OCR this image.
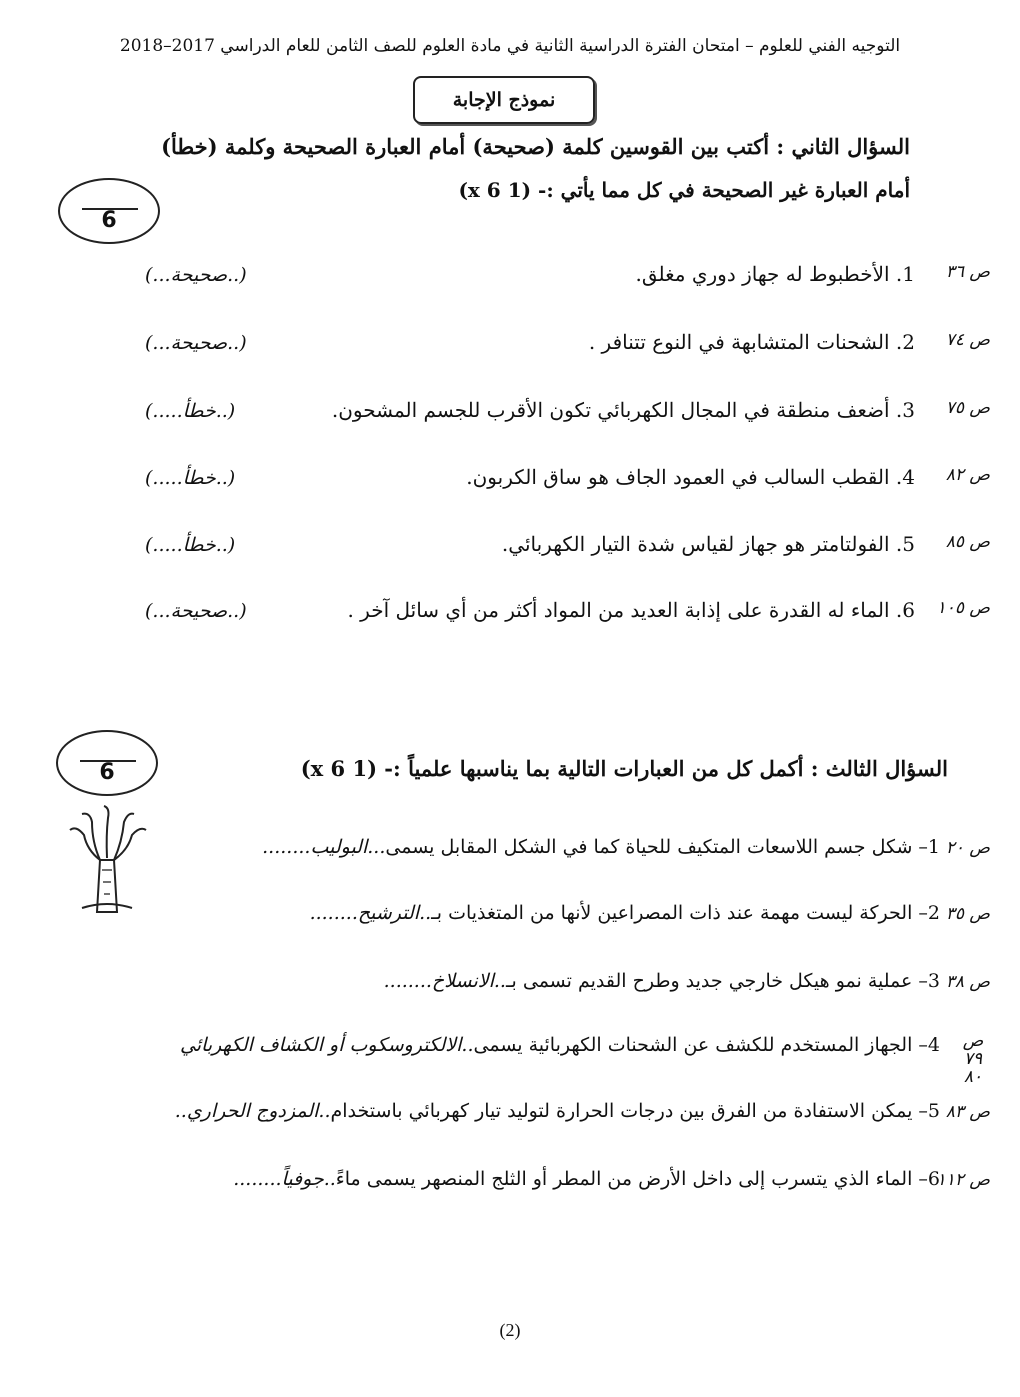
التوجيه الفني للعلوم – امتحان الفترة الدراسية الثانية في مادة العلوم للصف الثامن للعام الدراسي 2017–2018
نموذج الإجابة
السؤال الثاني : أكتب بين القوسين كلمة (صحيحة) أمام العبارة الصحيحة وكلمة (خطأ)
أمام العبارة غير الصحيحة في كل مما يأتي :- (1 x 6)
6
ص ٣٦
1. الأخطبوط له جهاز دوري مغلق.
(..صحيحة...)
ص ٧٤
2. الشحنات المتشابهة في النوع تتنافر .
(..صحيحة...)
ص ٧٥
3. أضعف منطقة في المجال الكهربائي تكون الأقرب للجسم المشحون.
(..خطأ.....)
ص ٨٢
4. القطب السالب في العمود الجاف هو ساق الكربون.
(..خطأ.....)
ص ٨٥
5. الفولتامتر هو جهاز لقياس شدة التيار الكهربائي.
(..خطأ.....)
ص ١٠٥
6. الماء له القدرة على إذابة العديد من المواد أكثر من أي سائل آخر .
(..صحيحة...)
6	السؤال الثالث : أكمل كل من العبارات التالية بما يناسبها علمياً :- (1 x 6)
ص ٢٠
1– شكل جسم اللاسعات المتكيف للحياة كما في الشكل المقابل يسمى...البوليب........
ص ٣٥
2– الحركة ليست مهمة عند ذات المصراعين لأنها من المتغذيات بـ..الترشيح........
ص ٣٨
3– عملية نمو هيكل خارجي جديد وطرح القديم تسمى بـ..الانسلاخ........
ص ٧٩ ٨٠
4– الجهاز المستخدم للكشف عن الشحنات الكهربائية يسمى..الالكتروسكوب أو الكشاف الكهربائي
ص ٨٣
5– يمكن الاستفادة من الفرق بين درجات الحرارة لتوليد تيار كهربائي باستخدام..المزدوج الحراري..
ص ١١٢
6– الماء الذي يتسرب إلى داخل الأرض من المطر أو الثلج المنصهر يسمى ماءً..جوفياً........
(2)
